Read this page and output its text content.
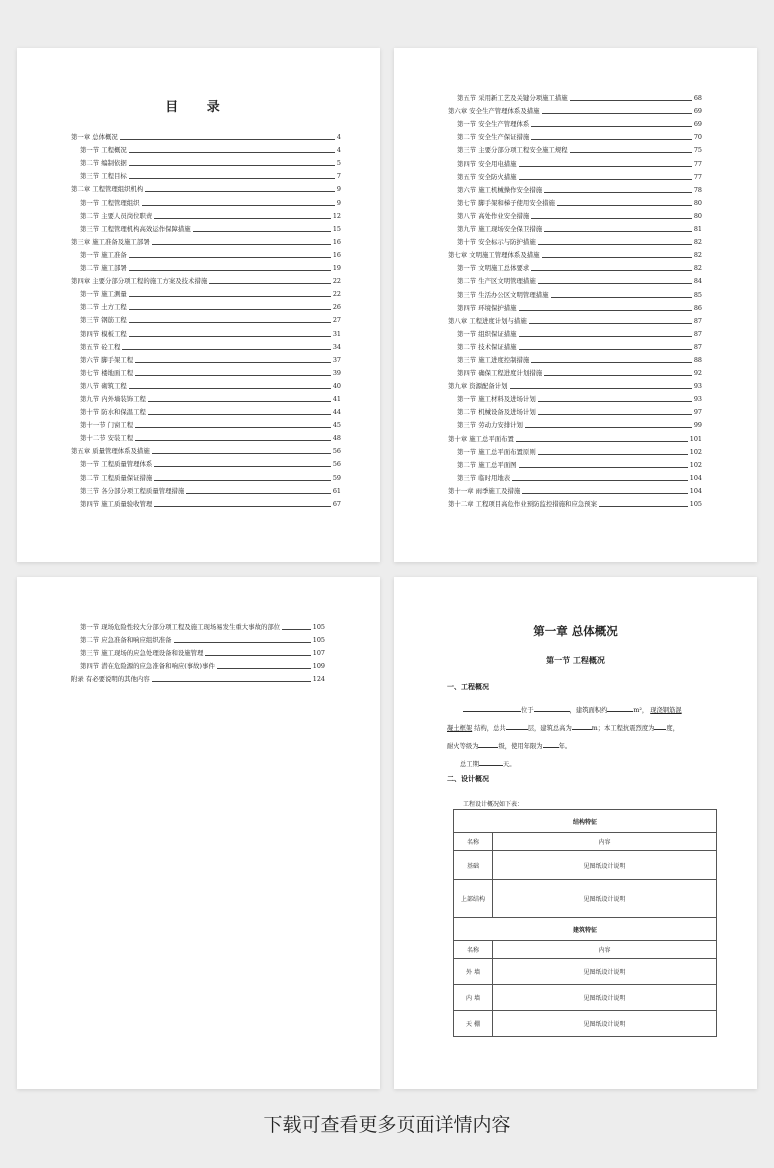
目 录
第一章 总体概况	4
第一节 工程概况	4
第二节 编制依据	5
第三节 工程目标	7
第二章 工程管理组织机构	9
第一节 工程管理组织	9
第二节 主要人员岗位职责	12
第三节 工程管理机构高效运作保障措施	15
第三章 施工准备及施工部署	16
第一节 施工准备	16
第二节 施工部署	19
第四章 主要分部分项工程的施工方案及技术措施	22
第一节 施工测量	22
第二节 土方工程	26
第三节 钢筋工程	27
第四节 模板工程	31
第五节 砼工程	34
第六节 脚手架工程	37
第七节 楼地面工程	39
第八节 砌筑工程	40
第九节 内外墙装饰工程	41
第十节 防水和保温工程	44
第十一节 门窗工程	45
第十二节 安装工程	48
第五章 质量管理体系及措施	56
第一节 工程质量管理体系	56
第二节 工程质量保证措施	59
第三节 各分部分项工程质量管理措施	61
第四节 施工质量验收管理	67
第五节 采用新工艺及关键分项施工措施	68
第六章 安全生产管理体系及措施	69
第一节 安全生产管理体系	69
第二节 安全生产保证措施	70
第三节 主要分部分项工程安全施工规程	75
第四节 安全用电措施	77
第五节 安全防火措施	77
第六节 施工机械操作安全措施	78
第七节 脚手架和梯子使用安全措施	80
第八节 高处作业安全措施	80
第九节 施工现场安全保卫措施	81
第十节 安全标示与防护措施	82
第七章 文明施工管理体系及措施	82
第一节 文明施工总体要求	82
第二节 生产区文明管理措施	84
第三节 生活办公区文明管理措施	85
第四节 环境保护措施	86
第八章 工程进度计划与措施	87
第一节 组织保证措施	87
第二节 技术保证措施	87
第三节 施工进度控制措施	88
第四节 确保工程进度计划措施	92
第九章 资源配备计划	93
第一节 施工材料及进场计划	93
第二节 机械设备及进场计划	97
第三节 劳动力安排计划	99
第十章 施工总平面布置	101
第一节 施工总平面布置原则	102
第二节 施工总平面图	102
第三节 临时用地表	104
第十一章 雨季施工及措施	104
第十二章 工程项目高危作业预防监控措施和应急预案	105
第一节 现场危险性较大分部分项工程及施工现场易发生重大事故的部位	105
第二节 应急准备和响应组织准备	105
第三节 施工现场的应急处理设备和设施管理	107
第四节 潜在危险源的应急准备和响应(事故)事件	109
附录 有必要说明的其他内容	124
第一章 总体概况
第一节 工程概况
一、工程概况
位于	，建筑面积约	m²， 现浇钢筋混
凝土框架 结构，总共	层，建筑总高为	m；本工程抗震烈度为 度，
耐火等级为	级，使用年限为	年。
总工期	天。
二、设计概况
工程设计概况如下表：
结构特征	
名称	内容
基础	见图纸设计说明
上部结构	见图纸设计说明
建筑特征	
名称	内容
外 墙	见图纸设计说明
内 墙	见图纸设计说明
天 棚	见图纸设计说明
下载可查看更多页面详情内容
